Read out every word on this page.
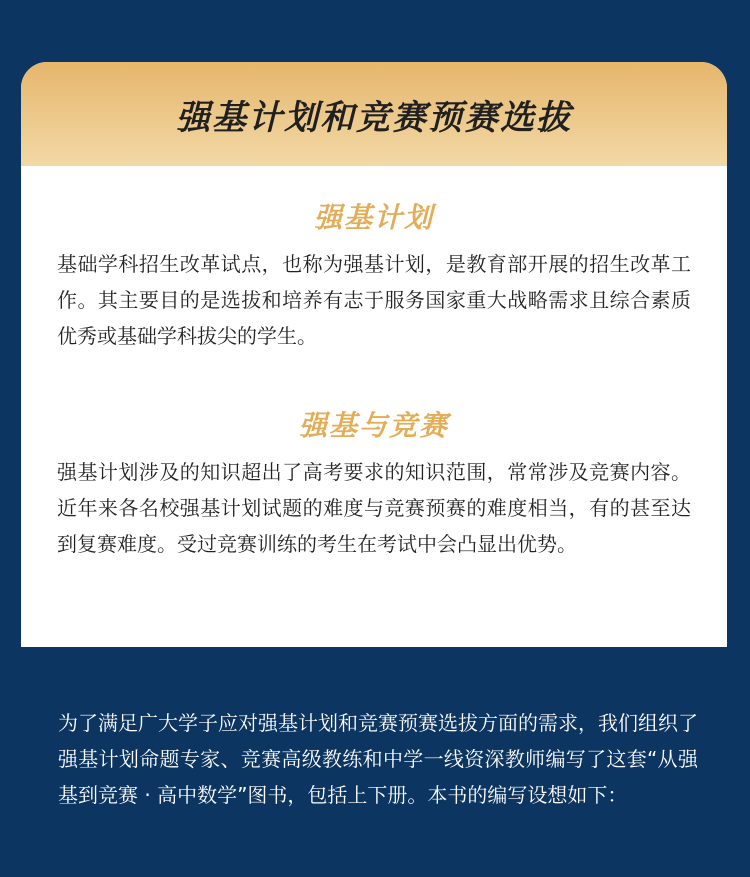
强基计划和竞赛预赛选拔
强基计划

基础学科招生改革试点，也称为强基计划，是教育部开展的招生改革工作。其主要目的是选拔和培养有志于服务国家重大战略需求且综合素质优秀或基础学科拔尖的学生。

强基与竞赛

强基计划涉及的知识超出了高考要求的知识范围，常常涉及竞赛内容。近年来各名校强基计划试题的难度与竞赛预赛的难度相当，有的甚至达到复赛难度。受过竞赛训练的考生在考试中会凸显出优势。

为了满足广大学子应对强基计划和竞赛预赛选拔方面的需求，我们组织了强基计划命题专家、竞赛高级教练和中学一线资深教师编写了这套“从强基到竞赛 · 高中数学”图书，包括上下册。本书的编写设想如下：
